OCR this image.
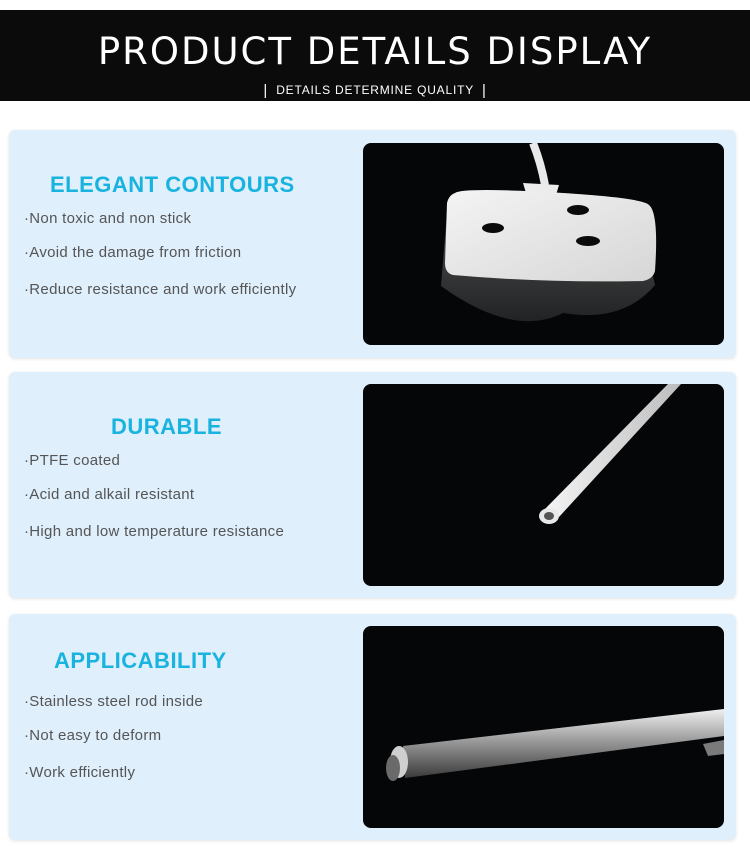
PRODUCT DETAILS DISPLAY
| DETAILS DETERMINE QUALITY |
ELEGANT CONTOURS
·Non toxic and non stick
·Avoid the damage from friction
·Reduce resistance and work efficiently
DURABLE
·PTFE coated
·Acid and alkail resistant
·High and low temperature resistance
APPLICABILITY
·Stainless steel rod inside
·Not easy to deform
·Work efficiently
